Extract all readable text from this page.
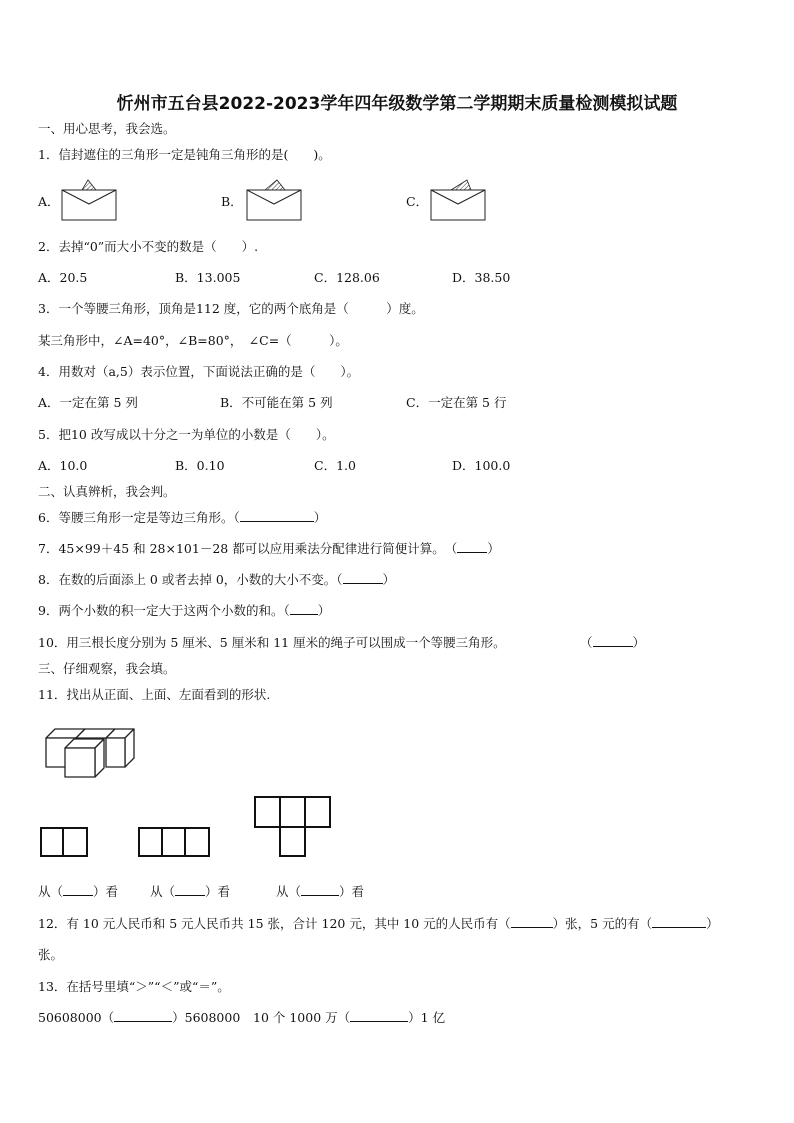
忻州市五台县2022-2023学年四年级数学第二学期期末质量检测模拟试题
一、用心思考，我会选。
1．信封遮住的三角形一定是钝角三角形的是(　　)。
A．	B．	C．
2．去掉“0”而大小不变的数是（　　）.
A．20.5	B．13.005	C．128.06	D．38.50
3．一个等腰三角形，顶角是112 度，它的两个底角是（　　　）度。
某三角形中，∠A=40°，∠B=80°，　∠C=（　　　）。
4．用数对（a,5）表示位置，下面说法正确的是（　　）。
A．一定在第 5 列	B．不可能在第 5 列	C．一定在第 5 行
5．把10 改写成以十分之一为单位的小数是（　　）。
A．10.0	B．0.10	C．1.0	D．100.0
二、认真辨析，我会判。
6．等腰三角形一定是等边三角形。（	）
7．45×99＋45 和 28×101－28 都可以应用乘法分配律进行简便计算。　（ ）
8．在数的后面添上 0 或者去掉 0，小数的大小不变。（	）
9．两个小数的积一定大于这两个小数的和。（ ）
10．用三根长度分别为 5 厘米、5 厘米和 11 厘米的绳子可以围成一个等腰三角形。	（	）
三、仔细观察，我会填。
11．找出从正面、上面、左面看到的形状.
从（ ）看	从（ ）看	从（	）看
12．有 10 元人民币和 5 元人民币共 15 张，合计 120 元，其中 10 元的人民币有（	）张，5 元的有（	）
张。
13．在括号里填“＞”“＜”或“＝”。
50608000（	）5608000 10 个 1000 万（	）1 亿
